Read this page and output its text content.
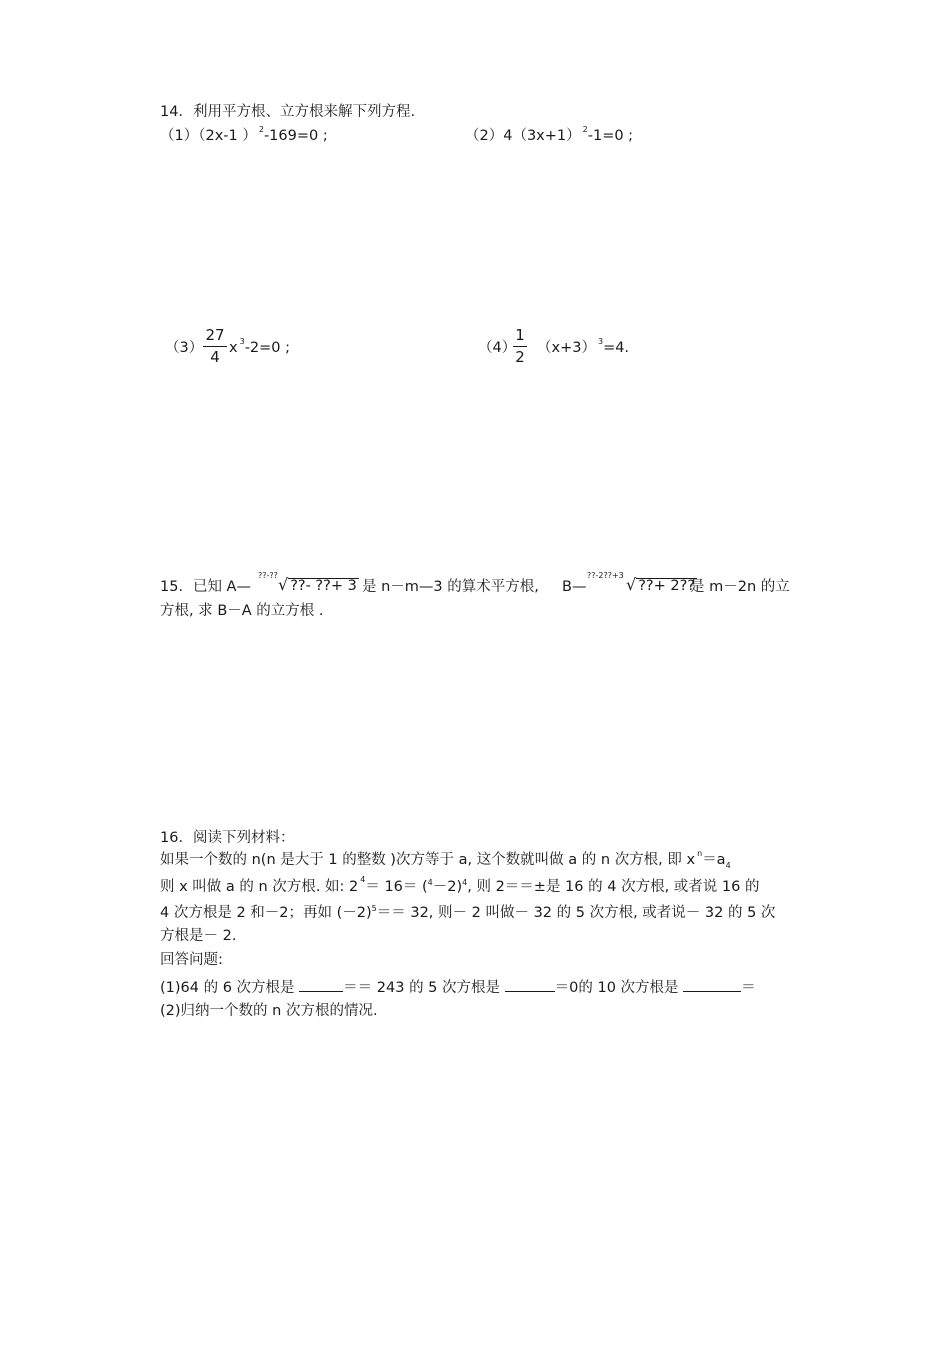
14．利用平方根、立方根来解下列方程.
（1）（2x-1 ） $^2$-169=0 ;	（2）4（3x+1） $^2$-1=0 ;
（3）
27
4 x $^3$-2=0 ;	（4）
1
2 （x+3） $^3$=4.
15．已知 A—
??-?? √ ??- ??+ 3 是 n－m—3 的算术平方根, B—
??-2??+3 √ ??+ 2??
是 m－2n 的立
方根, 求 B－A 的立方根 .
16．阅读下列材料：
如果一个数的 n(n 是大于 1 的整数 )次方等于 a, 这个数就叫做 a 的 n 次方根, 即 x $^n=a_4$
则 x 叫做 a 的 n 次方根. 如: 2 $^4= 16= (^4-2)^4$, 则 2＝＝±是 16 的 4 次方根, 或者说 16 的
4 次方根是 2 和－2；再如 $(-2)^5== 32$, 则－ 2 叫做－ 32 的 5 次方根, 或者说－ 32 的 5 次
方根是－ 2.
回答问题:
(1)64 的 6 次方根是	＝＝ 243 的 5 次方根是	＝0的 10 次方根是	＝
(2)归纳一个数的 n 次方根的情况.
